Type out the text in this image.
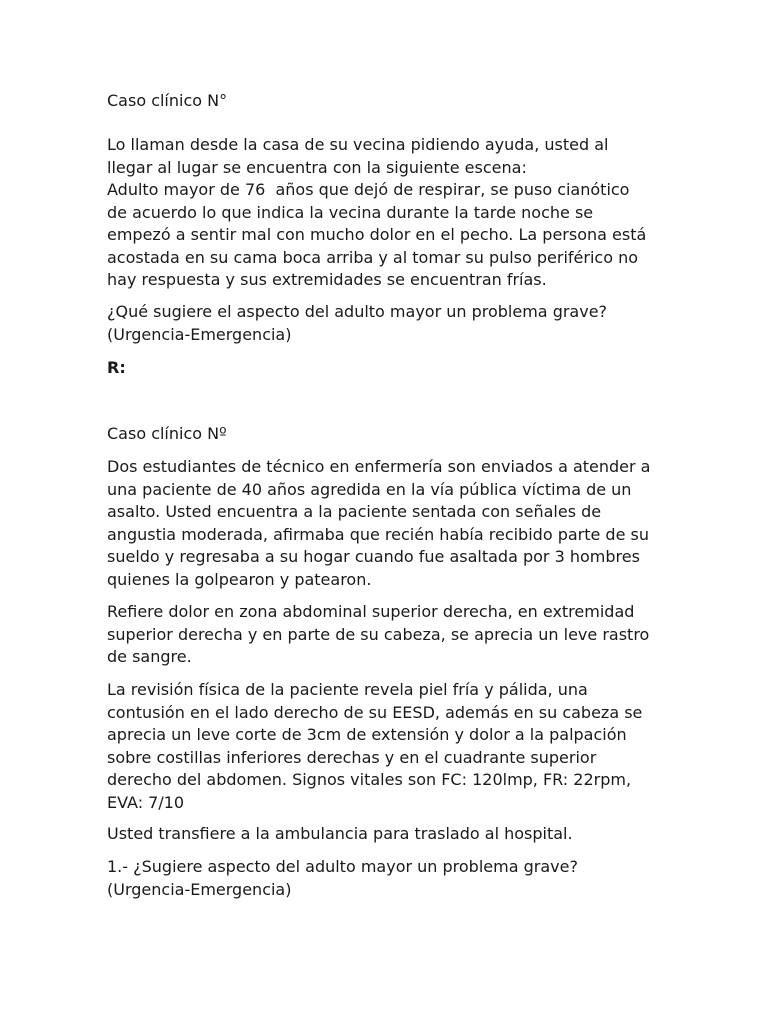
Caso clínico N°

Lo llaman desde la casa de su vecina pidiendo ayuda, usted al

llegar al lugar se encuentra con la siguiente escena:

Adulto mayor de 76  años que dejó de respirar, se puso cianótico

de acuerdo lo que indica la vecina durante la tarde noche se

empezó a sentir mal con mucho dolor en el pecho. La persona está

acostada en su cama boca arriba y al tomar su pulso periférico no

hay respuesta y sus extremidades se encuentran frías.

¿Qué sugiere el aspecto del adulto mayor un problema grave?

(Urgencia-Emergencia)

R:

Caso clínico Nº

Dos estudiantes de técnico en enfermería son enviados a atender a

una paciente de 40 años agredida en la vía pública víctima de un

asalto. Usted encuentra a la paciente sentada con señales de

angustia moderada, afirmaba que recién había recibido parte de su

sueldo y regresaba a su hogar cuando fue asaltada por 3 hombres

quienes la golpearon y patearon.

Refiere dolor en zona abdominal superior derecha, en extremidad

superior derecha y en parte de su cabeza, se aprecia un leve rastro

de sangre.

La revisión física de la paciente revela piel fría y pálida, una

contusión en el lado derecho de su EESD, además en su cabeza se

aprecia un leve corte de 3cm de extensión y dolor a la palpación

sobre costillas inferiores derechas y en el cuadrante superior

derecho del abdomen. Signos vitales son FC: 120lmp, FR: 22rpm,

EVA: 7/10

Usted transfiere a la ambulancia para traslado al hospital.

1.- ¿Sugiere aspecto del adulto mayor un problema grave?

(Urgencia-Emergencia)
